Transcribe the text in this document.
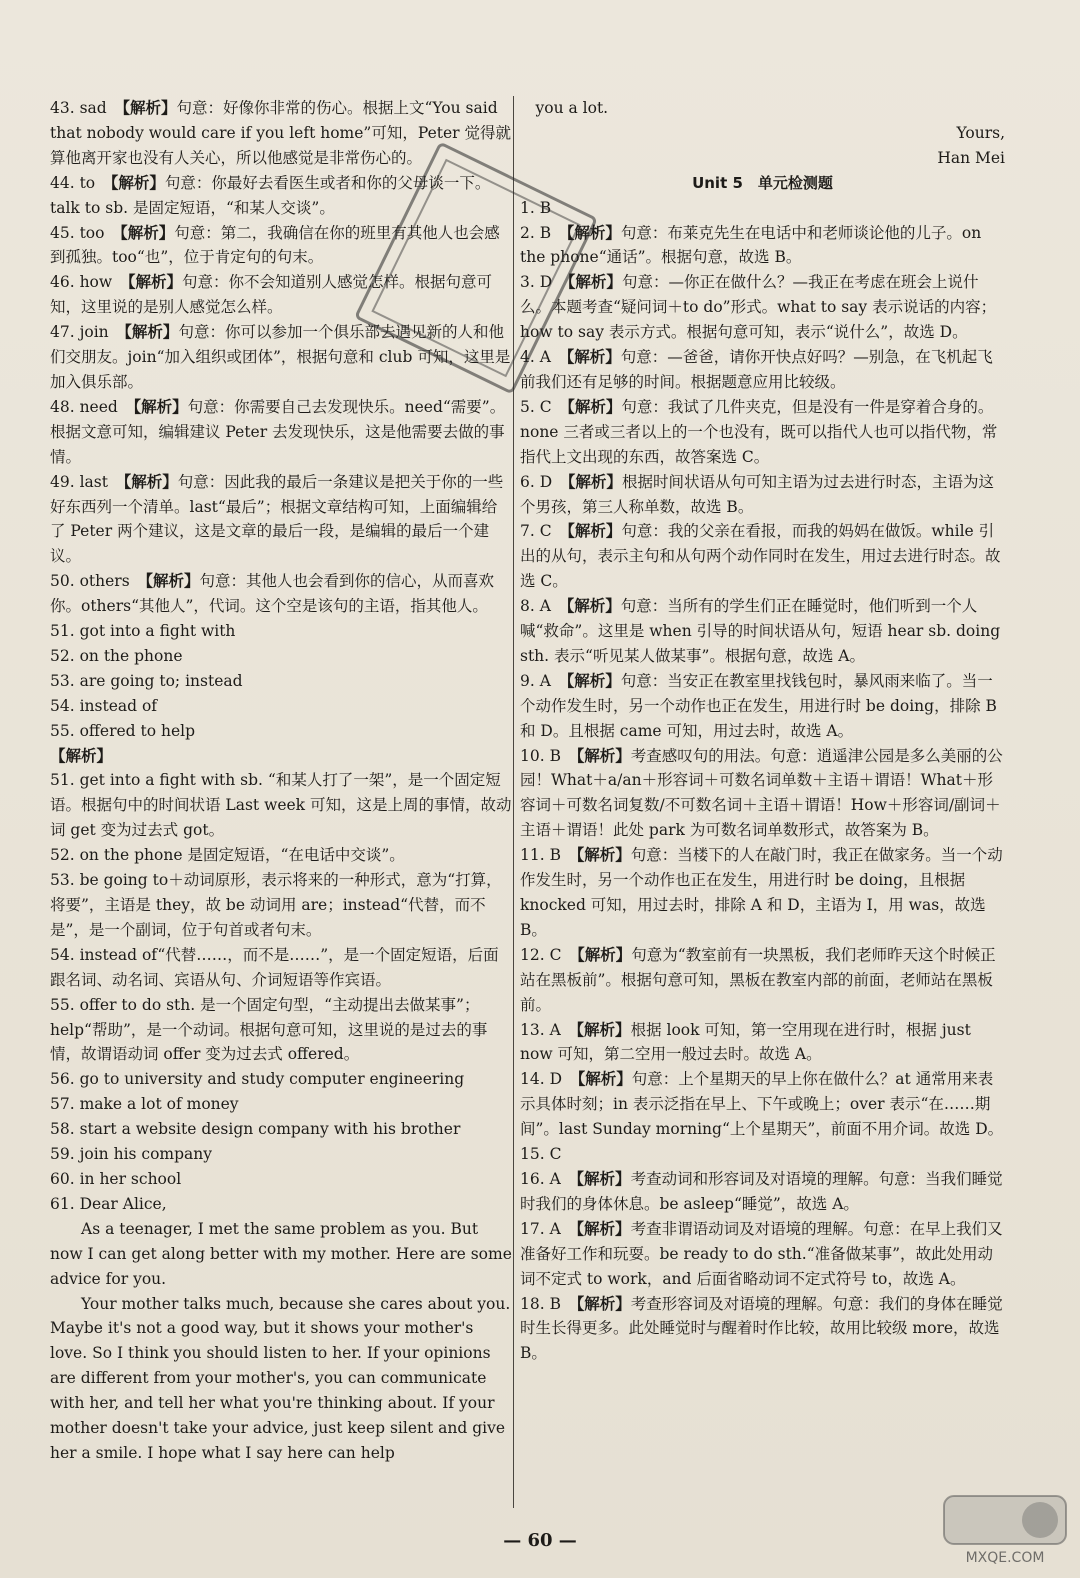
43. sad　 【解析】句意：好像你非常的伤心。根据上文“You said that nobody would care if you left home”可知，Peter 觉得就算他离开家也没有人关心，所以他感觉是非常伤心的。

44. to　 【解析】句意：你最好去看医生或者和你的父母谈一下。talk to sb. 是固定短语，“和某人交谈”。

45. too　 【解析】句意：第二，我确信在你的班里有其他人也会感到孤独。too“也”，位于肯定句的句末。

46. how　 【解析】句意：你不会知道别人感觉怎样。根据句意可知，这里说的是别人感觉怎么样。

47. join　 【解析】句意：你可以参加一个俱乐部去遇见新的人和他们交朋友。join“加入组织或团体”，根据句意和 club 可知，这里是加入俱乐部。

48. need　 【解析】句意：你需要自己去发现快乐。need“需要”。根据文意可知，编辑建议 Peter 去发现快乐，这是他需要去做的事情。

49. last　 【解析】句意：因此我的最后一条建议是把关于你的一些好东西列一个清单。last“最后”；根据文章结构可知，上面编辑给了 Peter 两个建议，这是文章的最后一段，是编辑的最后一个建议。

50. others　 【解析】句意：其他人也会看到你的信心，从而喜欢你。others“其他人”，代词。这个空是该句的主语，指其他人。

51. got into a fight with

52. on the phone

53. are going to; instead

54. instead of

55. offered to help

【解析】

51. get into a fight with sb. “和某人打了一架”，是一个固定短语。根据句中的时间状语 Last week 可知，这是上周的事情，故动词 get 变为过去式 got。

52. on the phone 是固定短语，“在电话中交谈”。

53. be going to＋动词原形，表示将来的一种形式，意为“打算，将要”，主语是 they，故 be 动词用 are；instead“代替，而不是”，是一个副词，位于句首或者句末。

54. instead of“代替……，而不是……”，是一个固定短语，后面跟名词、动名词、宾语从句、介词短语等作宾语。

55. offer to do sth. 是一个固定句型，“主动提出去做某事”；help“帮助”，是一个动词。根据句意可知，这里说的是过去的事情，故谓语动词 offer 变为过去式 offered。

56. go to university and study computer engineering

57. make a lot of money

58. start a website design company with his brother

59. join his company

60. in her school

61. Dear Alice,

As a teenager, I met the same problem as you. But now I can get along better with my mother. Here are some advice for you.

Your mother talks much, because she cares about you. Maybe it's not a good way, but it shows your mother's love. So I think you should listen to her. If your opinions are different from your mother's, you can communicate with her, and tell her what you're thinking about. If your mother doesn't take your advice, just keep silent and give her a smile. I hope what I say here can help

you a lot.

Yours,

Han Mei

Unit 5　单元检测题

1. B

2. B　 【解析】句意：布莱克先生在电话中和老师谈论他的儿子。on the phone“通话”。根据句意，故选 B。

3. D　 【解析】句意：—你正在做什么？—我正在考虑在班会上说什么。本题考查“疑问词＋to do”形式。what to say 表示说话的内容；how to say 表示方式。根据句意可知，表示“说什么”，故选 D。

4. A　 【解析】句意：—爸爸，请你开快点好吗？—别急，在飞机起飞前我们还有足够的时间。根据题意应用比较级。

5. C　 【解析】句意：我试了几件夹克，但是没有一件是穿着合身的。none 三者或三者以上的一个也没有，既可以指代人也可以指代物，常指代上文出现的东西，故答案选 C。

6. D　 【解析】根据时间状语从句可知主语为过去进行时态，主语为这个男孩，第三人称单数，故选 B。

7. C　 【解析】句意：我的父亲在看报，而我的妈妈在做饭。while 引出的从句，表示主句和从句两个动作同时在发生，用过去进行时态。故选 C。

8. A　 【解析】句意：当所有的学生们正在睡觉时，他们听到一个人喊“救命”。这里是 when 引导的时间状语从句，短语 hear sb. doing sth. 表示“听见某人做某事”。根据句意，故选 A。

9. A　 【解析】句意：当安正在教室里找钱包时，暴风雨来临了。当一个动作发生时，另一个动作也正在发生，用进行时 be doing，排除 B 和 D。且根据 came 可知，用过去时，故选 A。

10. B　 【解析】考查感叹句的用法。句意：逍遥津公园是多么美丽的公园！What＋a/an＋形容词＋可数名词单数＋主语＋谓语！What＋形容词＋可数名词复数/不可数名词＋主语＋谓语！How＋形容词/副词＋主语＋谓语！此处 park 为可数名词单数形式，故答案为 B。

11. B　 【解析】句意：当楼下的人在敲门时，我正在做家务。当一个动作发生时，另一个动作也正在发生，用进行时 be doing，且根据 knocked 可知，用过去时，排除 A 和 D，主语为 I，用 was，故选 B。

12. C　 【解析】句意为“教室前有一块黑板，我们老师昨天这个时候正站在黑板前”。根据句意可知，黑板在教室内部的前面，老师站在黑板前。

13. A　 【解析】根据 look 可知，第一空用现在进行时，根据 just now 可知，第二空用一般过去时。故选 A。

14. D　 【解析】句意：上个星期天的早上你在做什么？at 通常用来表示具体时刻；in 表示泛指在早上、下午或晚上；over 表示“在……期间”。last Sunday morning“上个星期天”，前面不用介词。故选 D。

15. C

16. A　 【解析】考查动词和形容词及对语境的理解。句意：当我们睡觉时我们的身体休息。be asleep“睡觉”，故选 A。

17. A　 【解析】考查非谓语动词及对语境的理解。句意：在早上我们又准备好工作和玩耍。be ready to do sth.“准备做某事”，故此处用动词不定式 to work，and 后面省略动词不定式符号 to，故选 A。

18. B　 【解析】考查形容词及对语境的理解。句意：我们的身体在睡觉时生长得更多。此处睡觉时与醒着时作比较，故用比较级 more，故选 B。

— 60 —
MXQE.COM
